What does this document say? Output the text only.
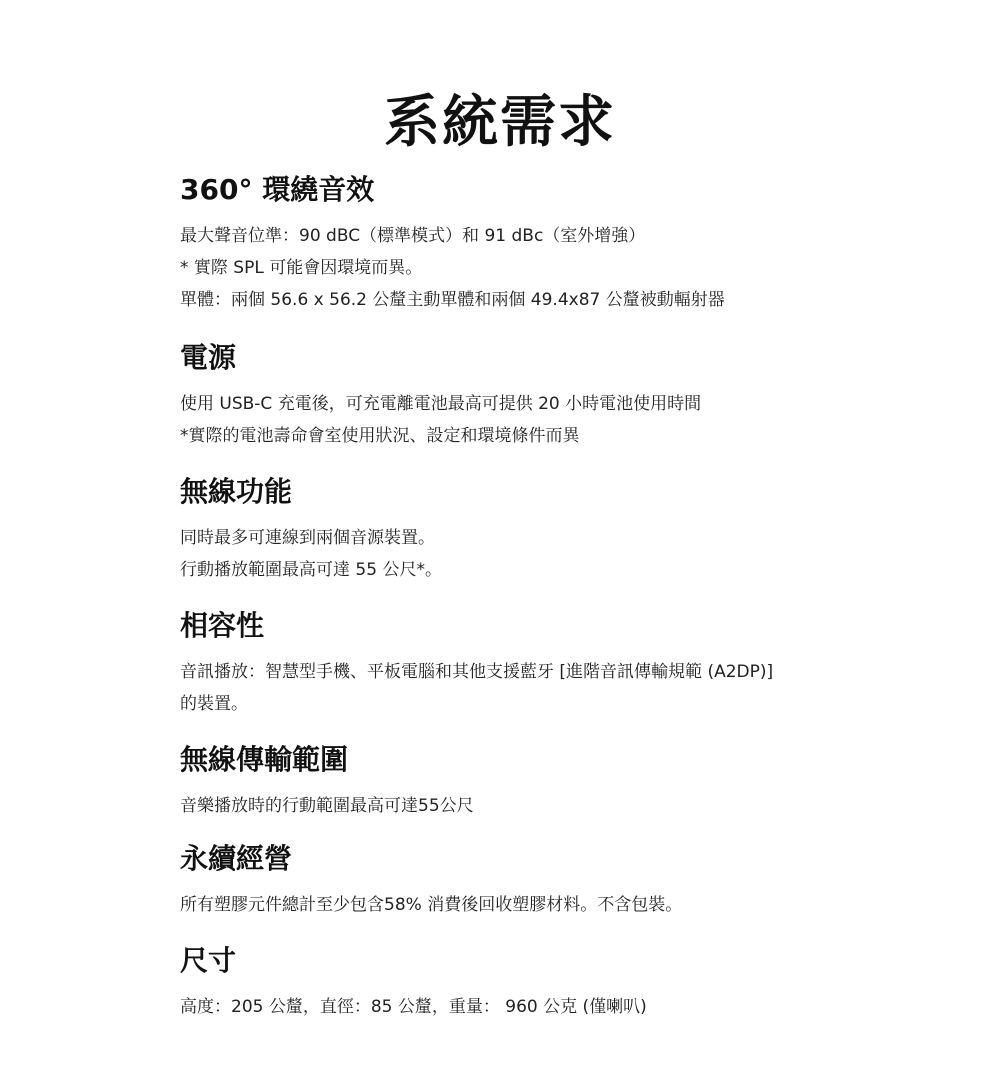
系統需求
360° 環繞音效

最大聲音位準：90 dBC（標準模式）和 91 dBc（室外增強）

* 實際 SPL 可能會因環境而異。

單體：兩個 56.6 x 56.2 公釐主動單體和兩個 49.4x87 公釐被動輻射器

電源

使用 USB-C 充電後，可充電離電池最高可提供 20 小時電池使用時間

*實際的電池壽命會室使用狀況、設定和環境條件而異

無線功能

同時最多可連線到兩個音源裝置。

行動播放範圍最高可達 55 公尺*。

相容性

音訊播放：智慧型手機、平板電腦和其他支援藍牙 [進階音訊傳輸規範 (A2DP)]

的裝置。

無線傳輸範圍

音樂播放時的行動範圍最高可達55公尺

永續經營

所有塑膠元件總計至少包含58% 消費後回收塑膠材料。不含包裝。

尺寸

高度：205 公釐，直徑：85 公釐，重量： 960 公克 (僅喇叭)
